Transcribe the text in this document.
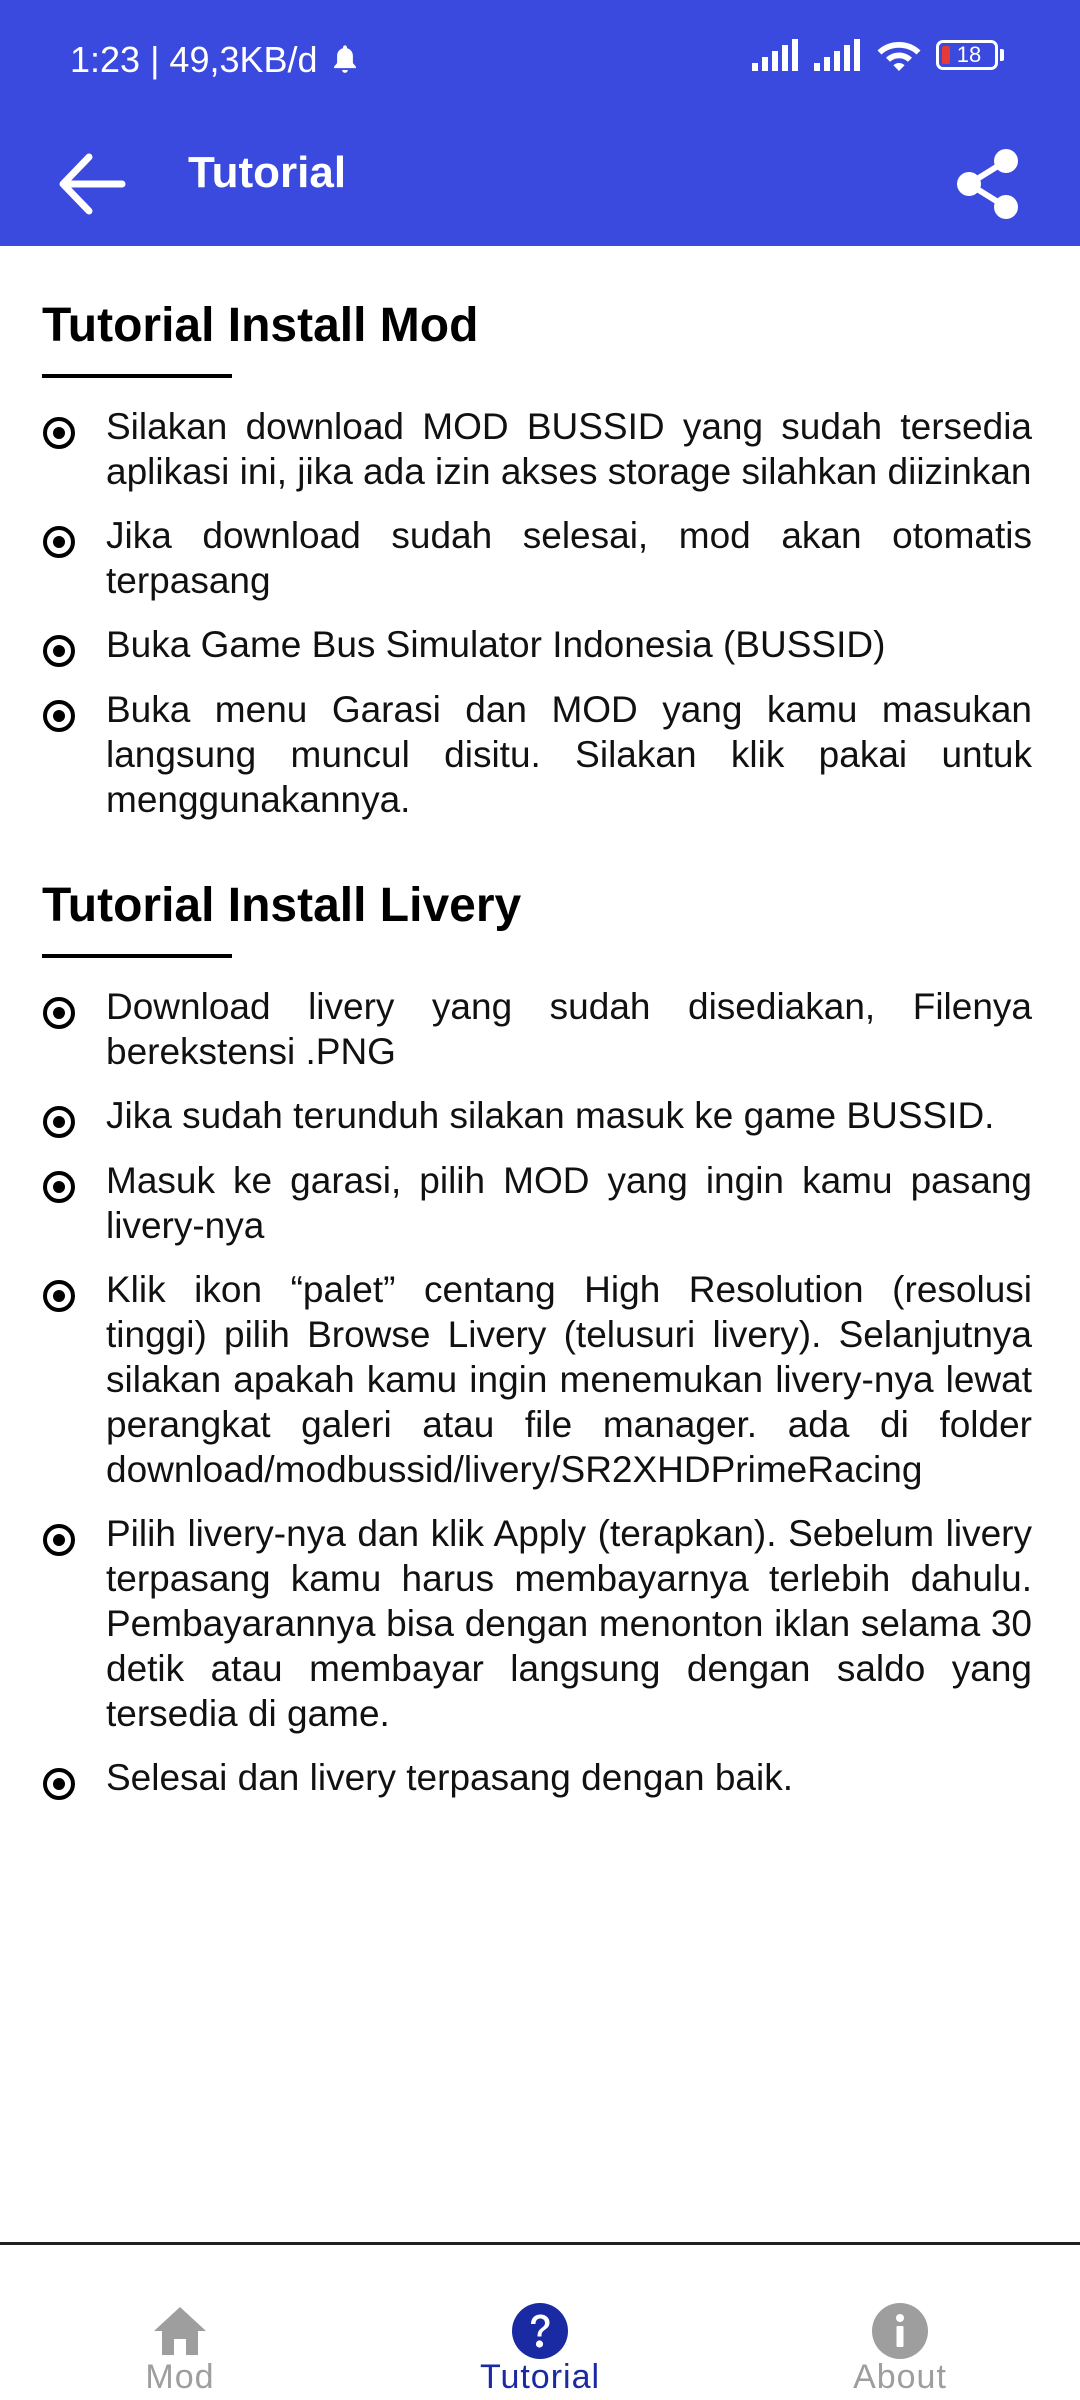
1:23 | 49,3KB/d	18
Tutorial
Tutorial Install Mod
Silakan download MOD BUSSID yang sudah tersedia aplikasi ini, jika ada izin akses storage silahkan diizinkan
Jika download sudah selesai, mod akan otomatis terpasang
Buka Game Bus Simulator Indonesia (BUSSID)
Buka menu Garasi dan MOD yang kamu masukan langsung muncul disitu. Silakan klik pakai untuk menggunakannya.
Tutorial Install Livery
Download livery yang sudah disediakan, Filenya berekstensi .PNG
Jika sudah terunduh silakan masuk ke game BUSSID.
Masuk ke garasi, pilih MOD yang ingin kamu pasang livery-nya
Klik ikon “palet” centang High Resolution (resolusi tinggi) pilih Browse Livery (telusuri livery). Selanjutnya silakan apakah kamu ingin menemukan livery-nya lewat perangkat galeri atau file manager. ada di folder download/modbussid/livery/SR2XHDPrimeRacing
Pilih livery-nya dan klik Apply (terapkan). Sebelum livery terpasang kamu harus membayarnya terlebih dahulu. Pembayarannya bisa dengan menonton iklan selama 30 detik atau membayar langsung dengan saldo yang tersedia di game.
Selesai dan livery terpasang dengan baik.
Mod	Tutorial	About
